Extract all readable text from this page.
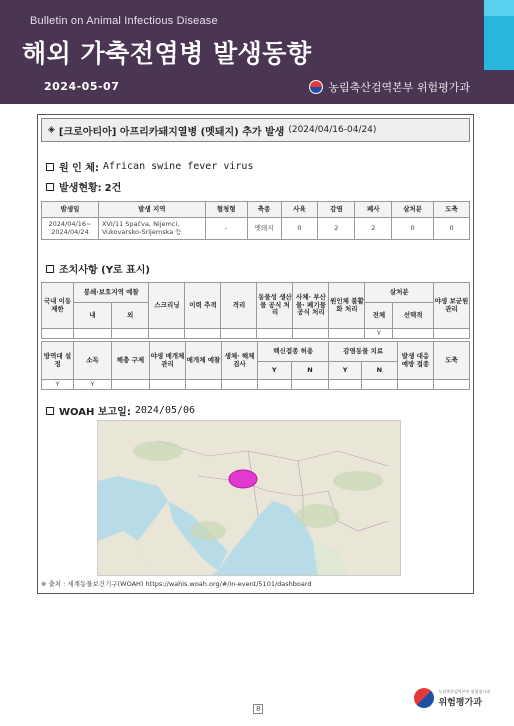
Bulletin on Animal Infectious Disease
해외 가축전염병 발생동향
2024-05-07	농림축산검역본부 위험평가과
◈ [크로아티아] 아프리카돼지열병 (멧돼지) 추가 발생 (2024/04/16-04/24)
원 인 체: African swine fever virus
발생현황: 2건
발생일	발생 지역	혈청형	축종	사육	감염	폐사	살처분	도축
2024/04/16~ 2024/04/24	XVI/11 Spačva, Nijemci, Vukovarsko-Srijemska 등	-	멧돼지	0	2	2	0	0
조치사항 (Y로 표시)
국내 이동 제한	봉쇄·보호지역 예찰		스크리닝	이력 추적	격리	동물성 생산물 공식 처리	사체· 부산물· 폐기물 공식 처리	원인체 불활화 처리	살처분		야생 보균원 관리
	내	외							전체	선택적	
									Y		
방역대 설정	소독	해충 구제	야생 매개체 관리	매개체 예찰	생체· 해체 검사	백신접종 허용		감염동물 치료		발생 대응 예방 접종	도축
						Y	N	Y	N		
Y	Y										
WOAH 보고일: 2024/05/06
※ 출처 : 세계동물보건기구(WOAH) https://wahis.woah.org/#/in-event/5101/dashboard
8
농림축산검역본부 위험평가과
위험평가과
